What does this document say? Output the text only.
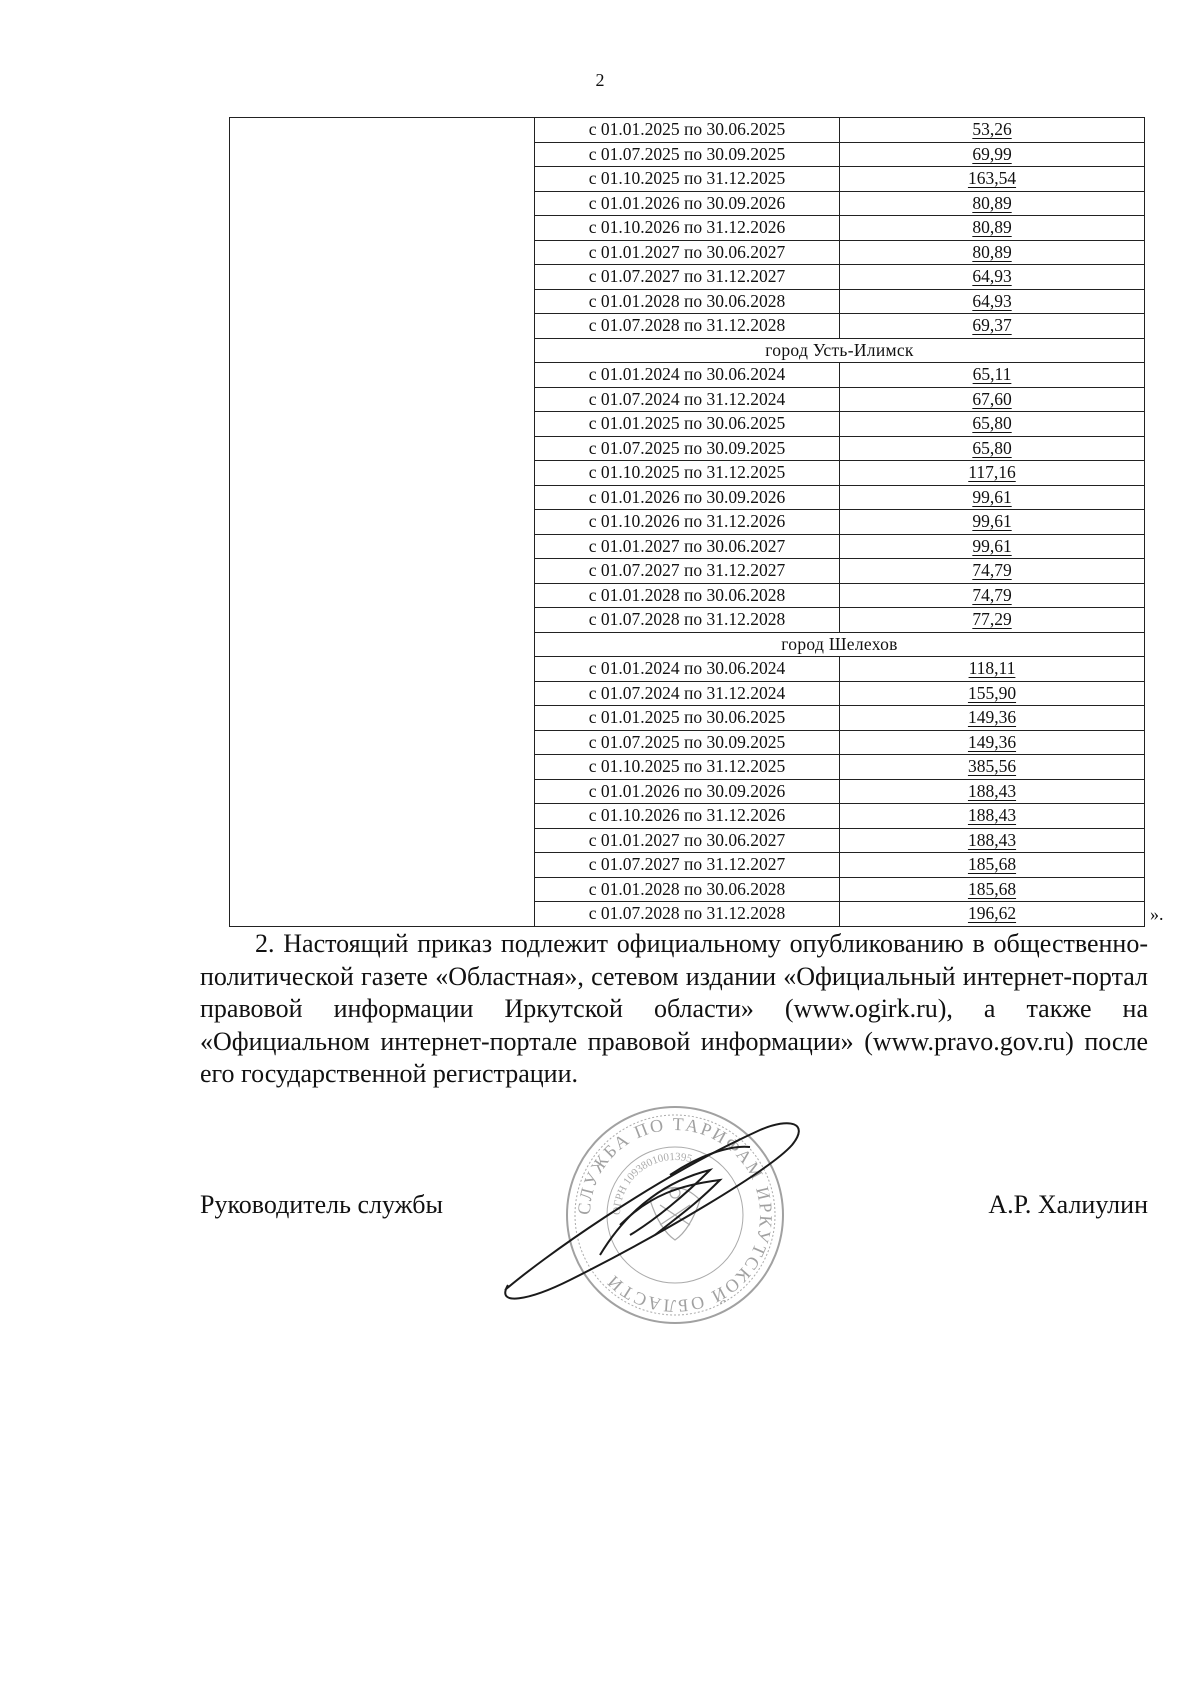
2
	с 01.01.2025 по 30.06.2025	53,26
	с 01.07.2025 по 30.09.2025	69,99
	с 01.10.2025 по 31.12.2025	163,54
	с 01.01.2026 по 30.09.2026	80,89
	с 01.10.2026 по 31.12.2026	80,89
	с 01.01.2027 по 30.06.2027	80,89
	с 01.07.2027 по 31.12.2027	64,93
	с 01.01.2028 по 30.06.2028	64,93
	с 01.07.2028 по 31.12.2028	69,37
	город Усть-Илимск	
	с 01.01.2024 по 30.06.2024	65,11
	с 01.07.2024 по 31.12.2024	67,60
	с 01.01.2025 по 30.06.2025	65,80
	с 01.07.2025 по 30.09.2025	65,80
	с 01.10.2025 по 31.12.2025	117,16
	с 01.01.2026 по 30.09.2026	99,61
	с 01.10.2026 по 31.12.2026	99,61
	с 01.01.2027 по 30.06.2027	99,61
	с 01.07.2027 по 31.12.2027	74,79
	с 01.01.2028 по 30.06.2028	74,79
	с 01.07.2028 по 31.12.2028	77,29
	город Шелехов	
	с 01.01.2024 по 30.06.2024	118,11
	с 01.07.2024 по 31.12.2024	155,90
	с 01.01.2025 по 30.06.2025	149,36
	с 01.07.2025 по 30.09.2025	149,36
	с 01.10.2025 по 31.12.2025	385,56
	с 01.01.2026 по 30.09.2026	188,43
	с 01.10.2026 по 31.12.2026	188,43
	с 01.01.2027 по 30.06.2027	188,43
	с 01.07.2027 по 31.12.2027	185,68
	с 01.01.2028 по 30.06.2028	185,68
	с 01.07.2028 по 31.12.2028	196,62	».

2. Настоящий приказ подлежит официальному опубликованию в общественно-политической газете «Областная», сетевом издании «Официальный интернет-портал правовой информации Иркутской области» (www.ogirk.ru), а также на «Официальном интернет-портале правовой информации» (www.pravo.gov.ru) после его государственной регистрации.

Руководитель службы	А.Р. Халиулин
СЛУЖБА ПО ТАРИФАМ ИРКУТСКОЙ ОБЛАСТИ
ОГРН 1093801001395
